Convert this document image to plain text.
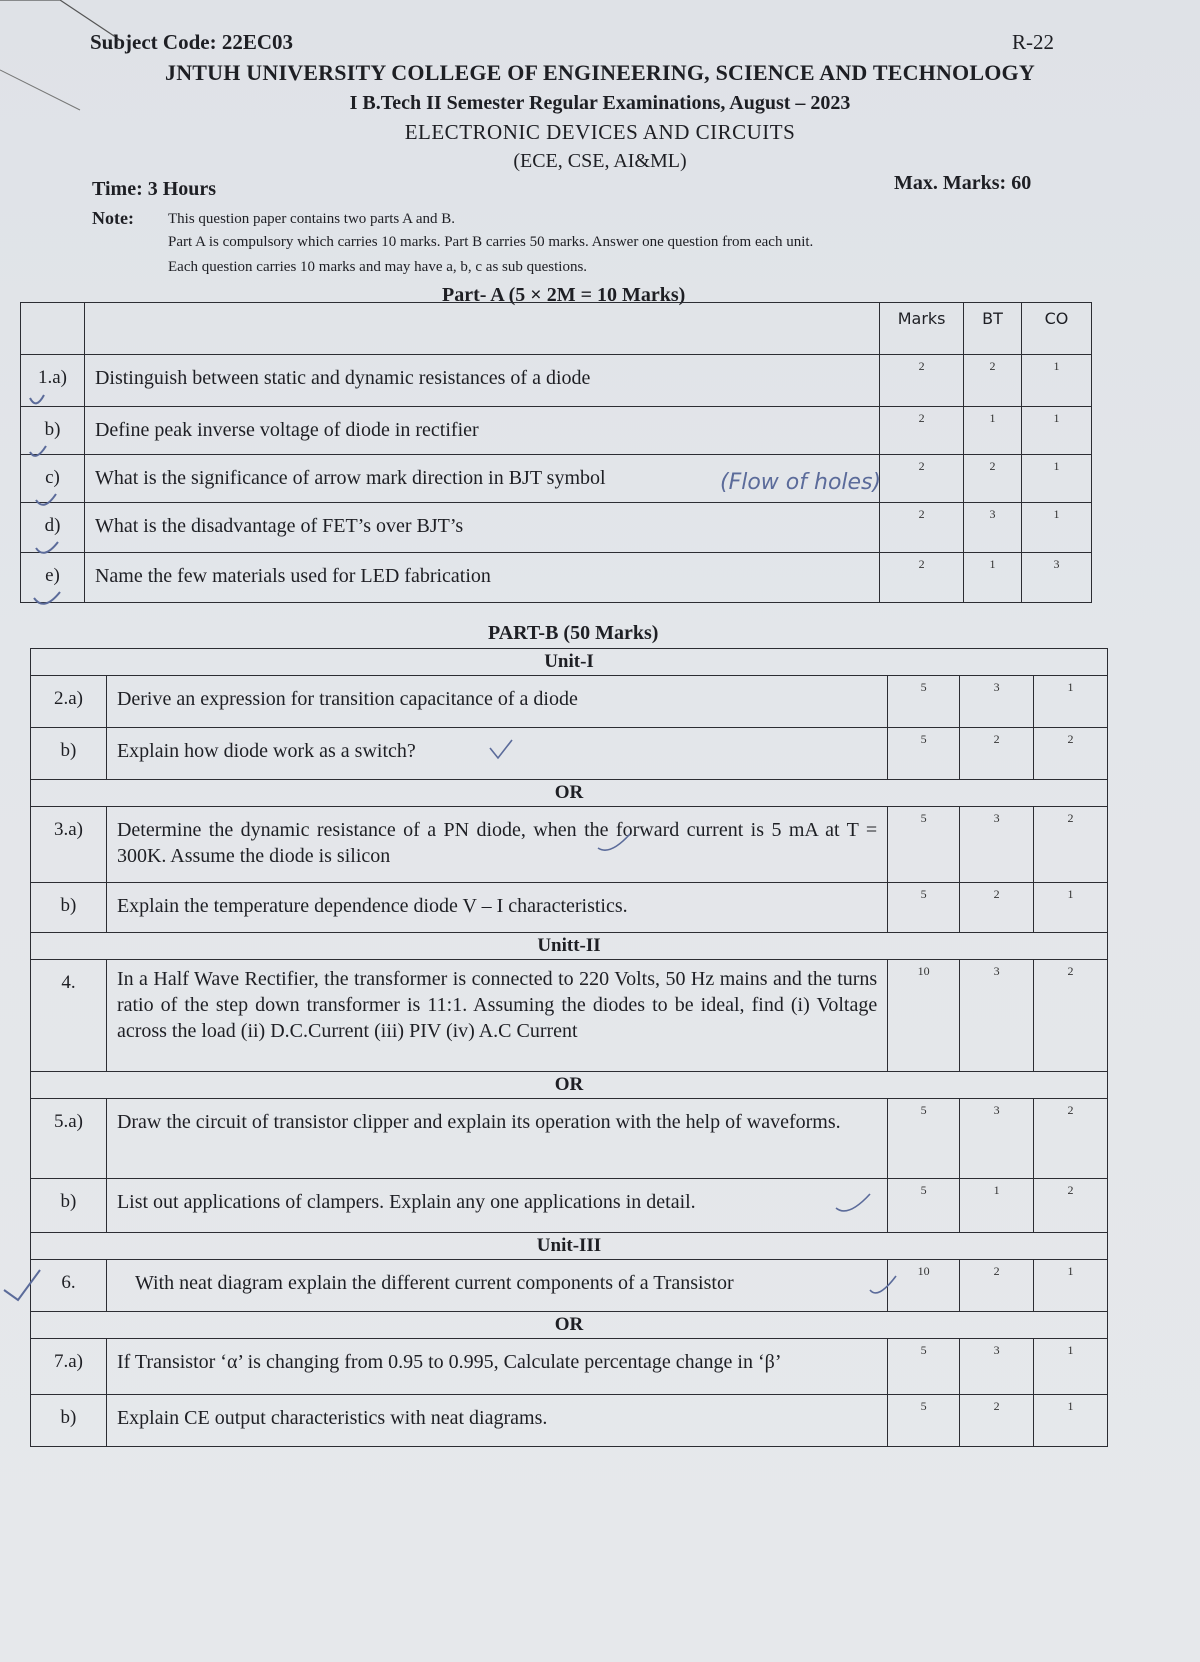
Subject Code: 22EC03	R-22
JNTUH UNIVERSITY COLLEGE OF ENGINEERING, SCIENCE AND TECHNOLOGY
I B.Tech II Semester Regular Examinations, August – 2023
ELECTRONIC DEVICES AND CIRCUITS
(ECE, CSE, AI&ML)
Time: 3 Hours	Max. Marks: 60
Note: This question paper contains two parts A and B.
Part A is compulsory which carries 10 marks. Part B carries 50 marks. Answer one question from each unit.
Each question carries 10 marks and may have a, b, c as sub questions.
Part- A (5 × 2M = 10 Marks)
		Marks	BT	CO
1.a)	Distinguish between static and dynamic resistances of a diode	2	2	1
b)	Define peak inverse voltage of diode in rectifier	2	1	1
c)	What is the significance of arrow mark direction in BJT symbol	2	2	1
d)	What is the disadvantage of FET’s over BJT’s	2	3	1
e)	Name the few materials used for LED fabrication	2	1	3
(Flow of holes)
PART-B (50 Marks)
Unit-I				
2.a)	Derive an expression for transition capacitance of a diode	5	3	1
b)	Explain how diode work as a switch?	5	2	2
OR				
3.a)	Determine the dynamic resistance of a PN diode, when the forward current is 5 mA at T = 300K. Assume the diode is silicon	5	3	2
b)	Explain the temperature dependence diode V – I characteristics.	5	2	1
Unitt-II				
4.	In a Half Wave Rectifier, the transformer is connected to 220 Volts, 50 Hz mains and the turns ratio of the step down transformer is 11:1. Assuming the diodes to be ideal, find (i) Voltage across the load (ii) D.C.Current (iii) PIV (iv) A.C Current	10	3	2
OR				
5.a)	Draw the circuit of transistor clipper and explain its operation with the help of waveforms.	5	3	2
b)	List out applications of clampers. Explain any one applications in detail.	5	1	2
Unit-III				
6.	With neat diagram explain the different current components of a Transistor	10	2	1
OR				
7.a)	If Transistor ‘α’ is changing from 0.95 to 0.995, Calculate percentage change in ‘β’	5	3	1
b)	Explain CE output characteristics with neat diagrams.	5	2	1
